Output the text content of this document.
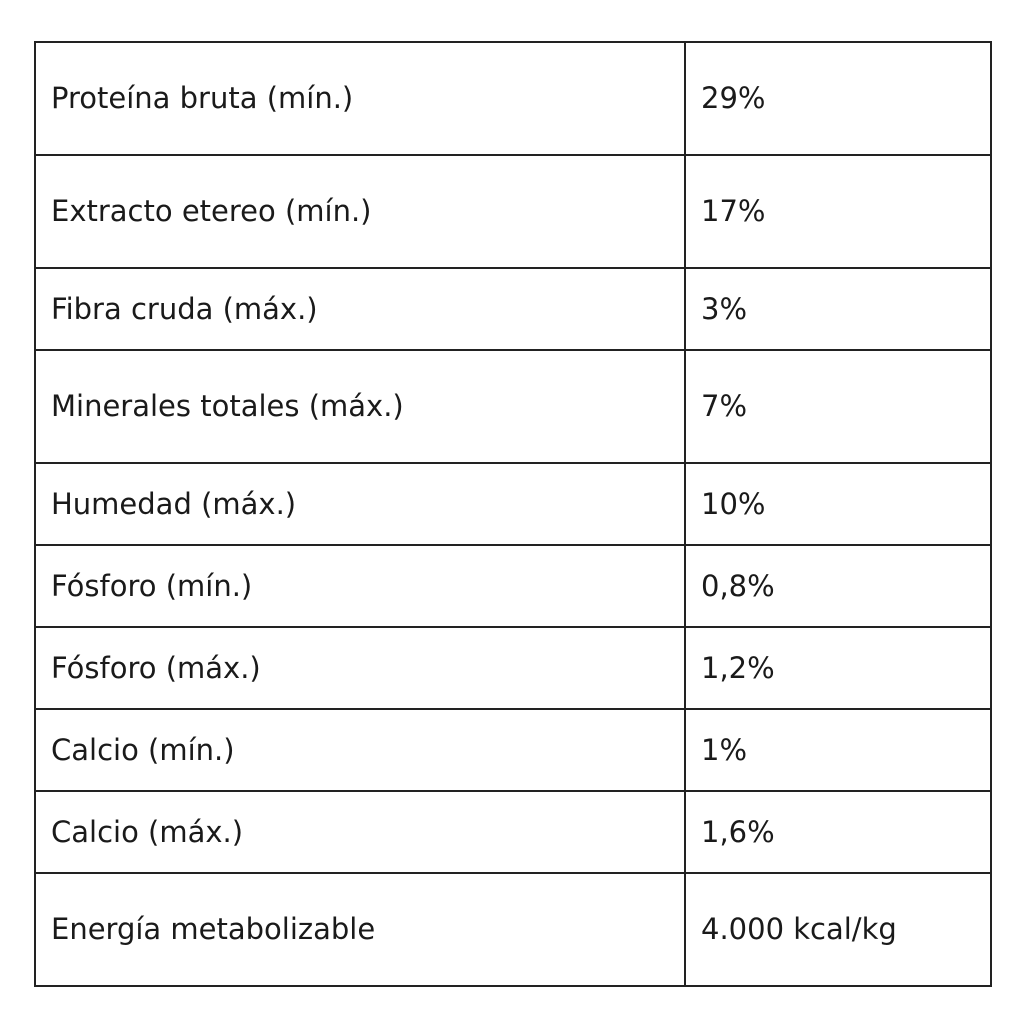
Proteína bruta (mín.)	29%
Extracto etereo (mín.)	17%
Fibra cruda (máx.)	3%
Minerales totales (máx.)	7%
Humedad (máx.)	10%
Fósforo (mín.)	0,8%
Fósforo (máx.)	1,2%
Calcio (mín.)	1%
Calcio (máx.)	1,6%
Energía metabolizable	4.000 kcal/kg
